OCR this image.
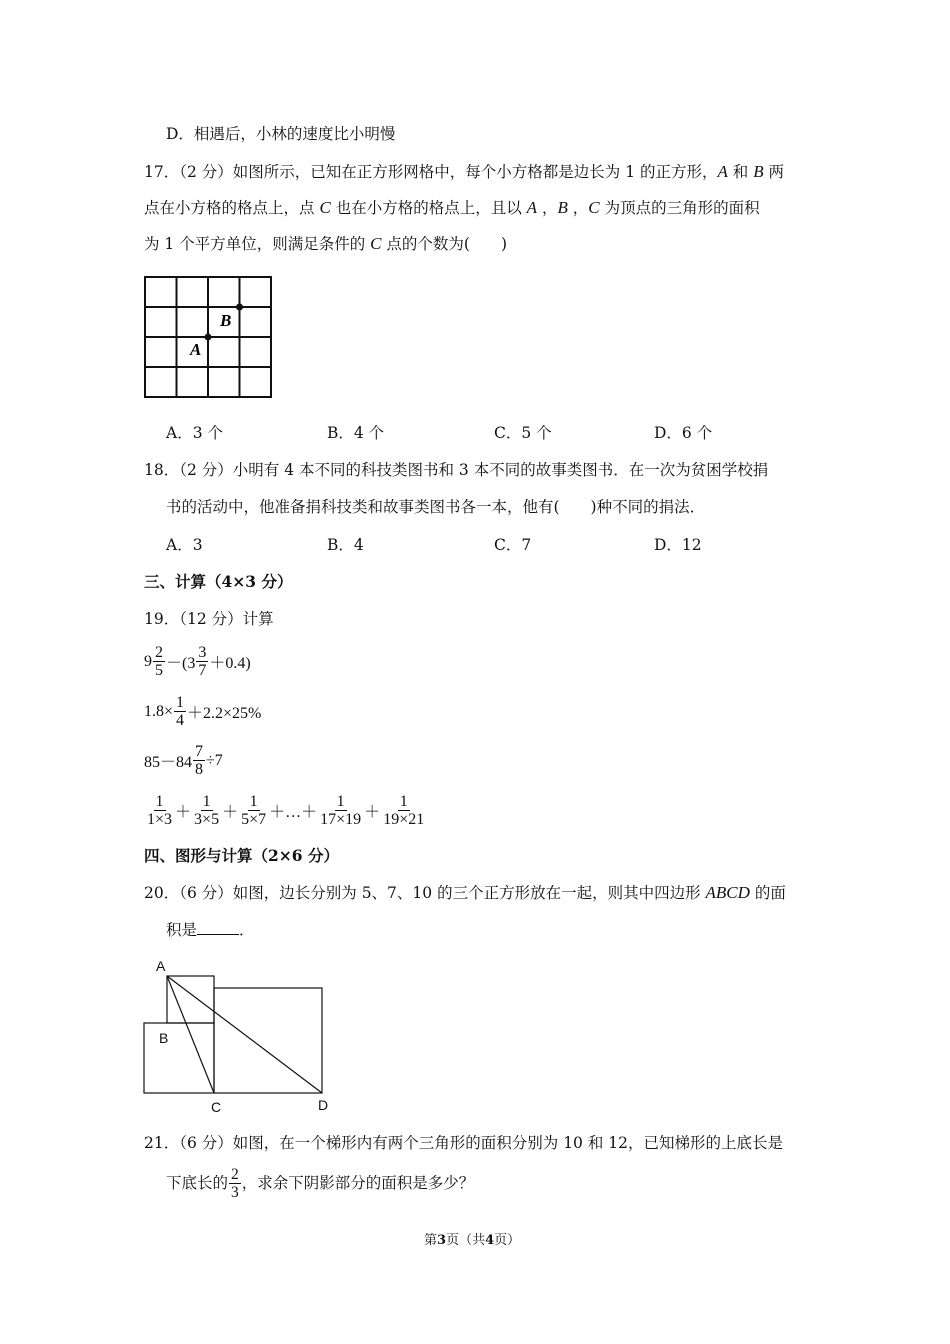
D．相遇后，小林的速度比小明慢
17．（2 分）如图所示，已知在正方形网格中，每个小方格都是边长为 1 的正方形，A 和 B 两
点在小方格的格点上，点 C 也在小方格的格点上，且以 A ，B ，C 为顶点的三角形的面积
为 1 个平方单位，则满足条件的 C 点的个数为(　　)
A
B
A．3 个	B．4 个	C．5 个	D．6 个
18．（2 分）小明有 4 本不同的科技类图书和 3 本不同的故事类图书．在一次为贫困学校捐
书的活动中，他准备捐科技类和故事类图书各一本，他有(　　)种不同的捐法．
A．3	B．4	C．7	D．12
三、计算（4×3 分）
19．（12 分）计算
$9 \frac{2}{5} -(3 \frac{3}{7} +0.4)$
$1.8\times \frac{1}{4} +2.2\times 25\%$
$85-84 \frac{7}{8} \div 7$
$\frac{1}{1\times 3} + \frac{1}{3\times 5} + \frac{1}{5\times 7}$ ＋…＋ $\frac{1}{17\times 19} + \frac{1}{19\times 21}$
四、图形与计算（2×6 分）
20．（6 分）如图，边长分别为 5、7、10 的三个正方形放在一起，则其中四边形 ABCD 的面
积是	．
A
B
C	D
21．（6 分）如图，在一个梯形内有两个三角形的面积分别为 10 和 12，已知梯形的上底长是
下底长的 $\frac{2}{3}$ ，求余下阴影部分的面积是多少？
第3页（共4页）
